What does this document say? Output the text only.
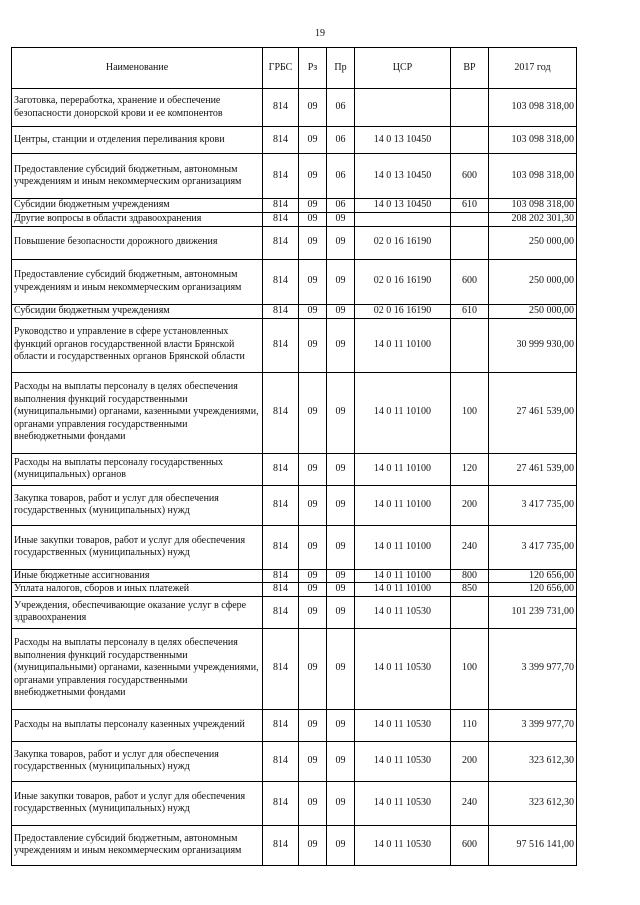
19
Наименование	ГРБС	Рз	Пр	ЦСР	ВР	2017 год
Заготовка, переработка, хранение и обеспечение безопасности донорской крови и ее компонентов	814	09	06			103 098 318,00
Центры, станции и отделения переливания крови	814	09	06	14 0 13 10450		103 098 318,00
Предоставление субсидий бюджетным, автономным учреждениям и иным некоммерческим организациям	814	09	06	14 0 13 10450	600	103 098 318,00
Субсидии бюджетным учреждениям	814	09	06	14 0 13 10450	610	103 098 318,00
Другие вопросы в области здравоохранения	814	09	09			208 202 301,30
Повышение безопасности дорожного движения	814	09	09	02 0 16 16190		250 000,00
Предоставление субсидий бюджетным, автономным учреждениям и иным некоммерческим организациям	814	09	09	02 0 16 16190	600	250 000,00
Субсидии бюджетным учреждениям	814	09	09	02 0 16 16190	610	250 000,00
Руководство и управление в сфере установленных функций органов государственной власти Брянской области и государственных органов Брянской области	814	09	09	14 0 11 10100		30 999 930,00
Расходы на выплаты персоналу в целях обеспечения выполнения функций государственными (муниципальными) органами, казенными учреждениями, органами управления государственными внебюджетными фондами	814	09	09	14 0 11 10100	100	27 461 539,00
Расходы на выплаты персоналу государственных (муниципальных) органов	814	09	09	14 0 11 10100	120	27 461 539,00
Закупка товаров, работ и услуг для обеспечения государственных (муниципальных) нужд	814	09	09	14 0 11 10100	200	3 417 735,00
Иные закупки товаров, работ и услуг для обеспечения государственных (муниципальных) нужд	814	09	09	14 0 11 10100	240	3 417 735,00
Иные бюджетные ассигнования	814	09	09	14 0 11 10100	800	120 656,00
Уплата налогов, сборов и иных платежей	814	09	09	14 0 11 10100	850	120 656,00
Учреждения, обеспечивающие оказание услуг в сфере здравоохранения	814	09	09	14 0 11 10530		101 239 731,00
Расходы на выплаты персоналу в целях обеспечения выполнения функций государственными (муниципальными) органами, казенными учреждениями, органами управления государственными внебюджетными фондами	814	09	09	14 0 11 10530	100	3 399 977,70
Расходы на выплаты персоналу казенных учреждений	814	09	09	14 0 11 10530	110	3 399 977,70
Закупка товаров, работ и услуг для обеспечения государственных (муниципальных) нужд	814	09	09	14 0 11 10530	200	323 612,30
Иные закупки товаров, работ и услуг для обеспечения государственных (муниципальных) нужд	814	09	09	14 0 11 10530	240	323 612,30
Предоставление субсидий бюджетным, автономным учреждениям и иным некоммерческим организациям	814	09	09	14 0 11 10530	600	97 516 141,00
